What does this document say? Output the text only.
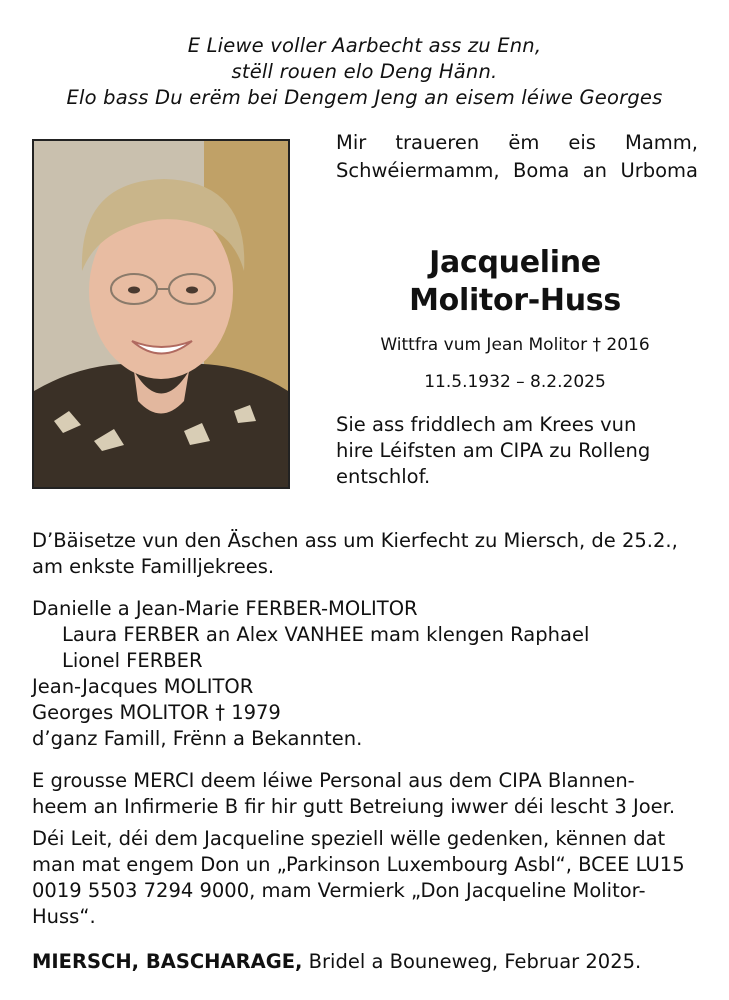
E Liewe voller Aarbecht ass zu Enn,
stëll rouen elo Deng Hänn.
Elo bass Du erëm bei Dengem Jeng an eisem léiwe Georges
Mir traueren ëm eis Mamm,
Schwéiermamm, Boma an Urboma
Jacqueline
Molitor-Huss
Wittfra vum Jean Molitor † 2016
11.5.1932 – 8.2.2025
Sie ass friddlech am Krees vun
hire Léifsten am CIPA zu Rolleng
entschlof.
D’Bäisetze vun den Äschen ass um Kierfecht zu Miersch, de 25.2.,
am enkste Familljekrees.
Danielle a Jean-Marie FERBER-MOLITOR
Laura FERBER an Alex VANHEE mam klengen Raphael
Lionel FERBER
Jean-Jacques MOLITOR
Georges MOLITOR † 1979
d’ganz Famill, Frënn a Bekannten.
E grousse MERCI deem léiwe Personal aus dem CIPA Blannen-
heem an Infirmerie B fir hir gutt Betreiung iwwer déi lescht 3 Joer.
Déi Leit, déi dem Jacqueline speziell wëlle gedenken, kënnen dat
man mat engem Don un „Parkinson Luxembourg Asbl“, BCEE LU15
0019 5503 7294 9000, mam Vermierk „Don Jacqueline Molitor-
Huss“.
MIERSCH, BASCHARAGE, Bridel a Bouneweg, Februar 2025.
